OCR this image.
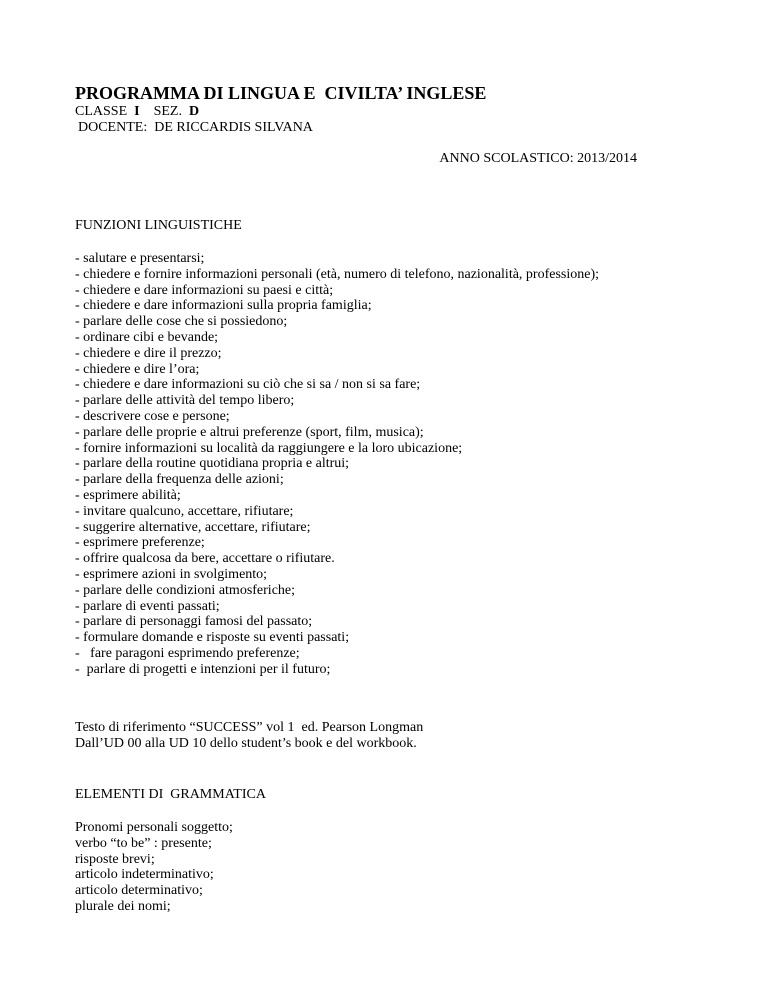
PROGRAMMA DI LINGUA E  CIVILTA’ INGLESE
CLASSE  I    SEZ.  D
DOCENTE:  DE RICCARDIS SILVANA
ANNO SCOLASTICO: 2013/2014
FUNZIONI LINGUISTICHE
- salutare e presentarsi;
- chiedere e fornire informazioni personali (età, numero di telefono, nazionalità, professione);
- chiedere e dare informazioni su paesi e città;
- chiedere e dare informazioni sulla propria famiglia;
- parlare delle cose che si possiedono;
- ordinare cibi e bevande;
- chiedere e dire il prezzo;
- chiedere e dire l’ora;
- chiedere e dare informazioni su ciò che si sa / non si sa fare;
- parlare delle attività del tempo libero;
- descrivere cose e persone;
- parlare delle proprie e altrui preferenze (sport, film, musica);
- fornire informazioni su località da raggiungere e la loro ubicazione;
- parlare della routine quotidiana propria e altrui;
- parlare della frequenza delle azioni;
- esprimere abilità;
- invitare qualcuno, accettare, rifiutare;
- suggerire alternative, accettare, rifiutare;
- esprimere preferenze;
- offrire qualcosa da bere, accettare o rifiutare.
- esprimere azioni in svolgimento;
- parlare delle condizioni atmosferiche;
- parlare di eventi passati;
- parlare di personaggi famosi del passato;
- formulare domande e risposte su eventi passati;
-   fare paragoni esprimendo preferenze;
-  parlare di progetti e intenzioni per il futuro;
Testo di riferimento “SUCCESS” vol 1  ed. Pearson Longman
Dall’UD 00 alla UD 10 dello student’s book e del workbook.
ELEMENTI DI  GRAMMATICA
Pronomi personali soggetto;
verbo “to be” : presente;
risposte brevi;
articolo indeterminativo;
articolo determinativo;
plurale dei nomi;
